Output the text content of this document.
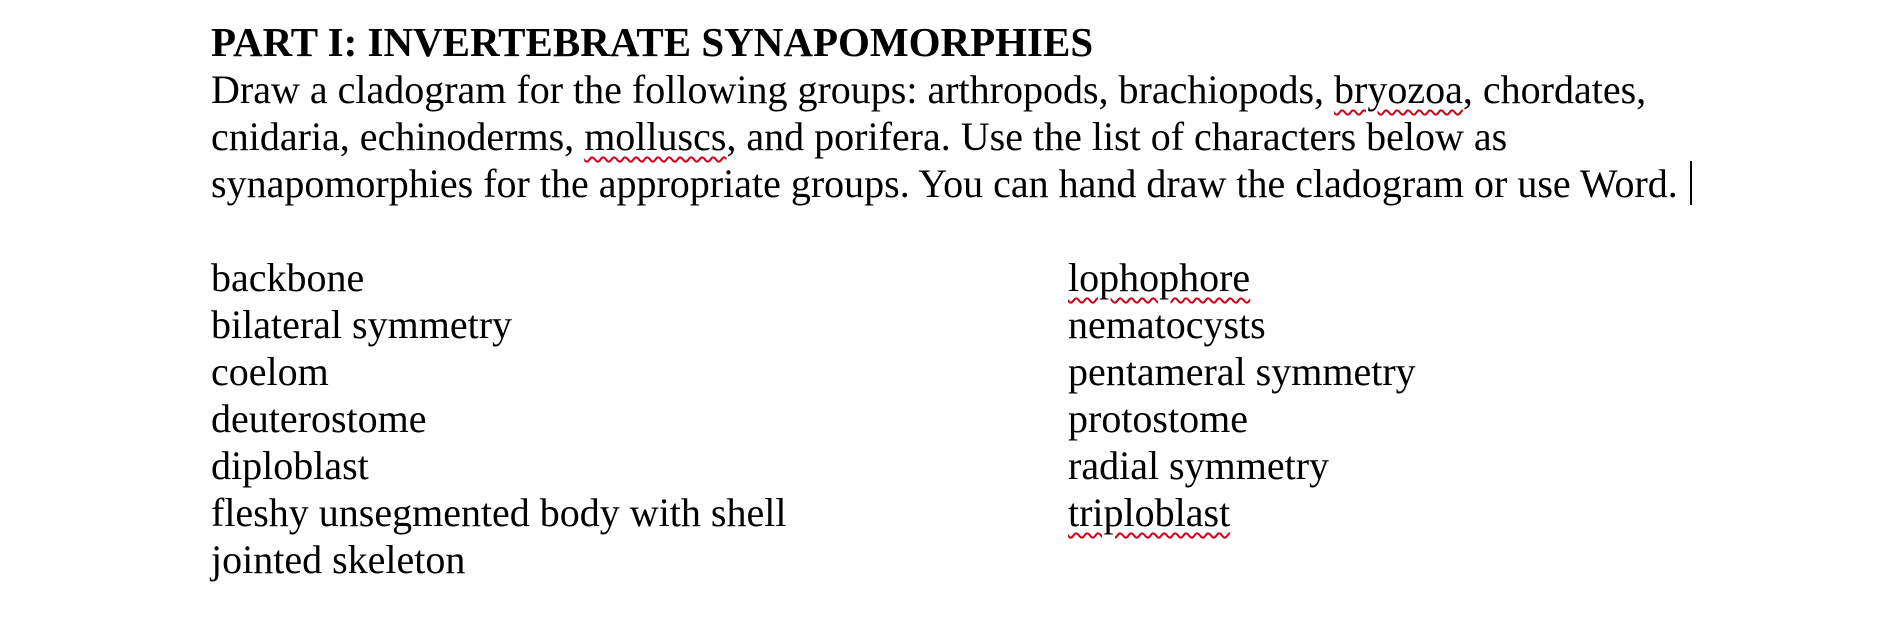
PART I: INVERTEBRATE SYNAPOMORPHIES
Draw a cladogram for the following groups: arthropods, brachiopods, bryozoa, chordates,
cnidaria, echinoderms, molluscs, and porifera. Use the list of characters below as
synapomorphies for the appropriate groups. You can hand draw the cladogram or use Word.
backbone
bilateral symmetry
coelom
deuterostome
diploblast
fleshy unsegmented body with shell
jointed skeleton
lophophore
nematocysts
pentameral symmetry
protostome
radial symmetry
triploblast
